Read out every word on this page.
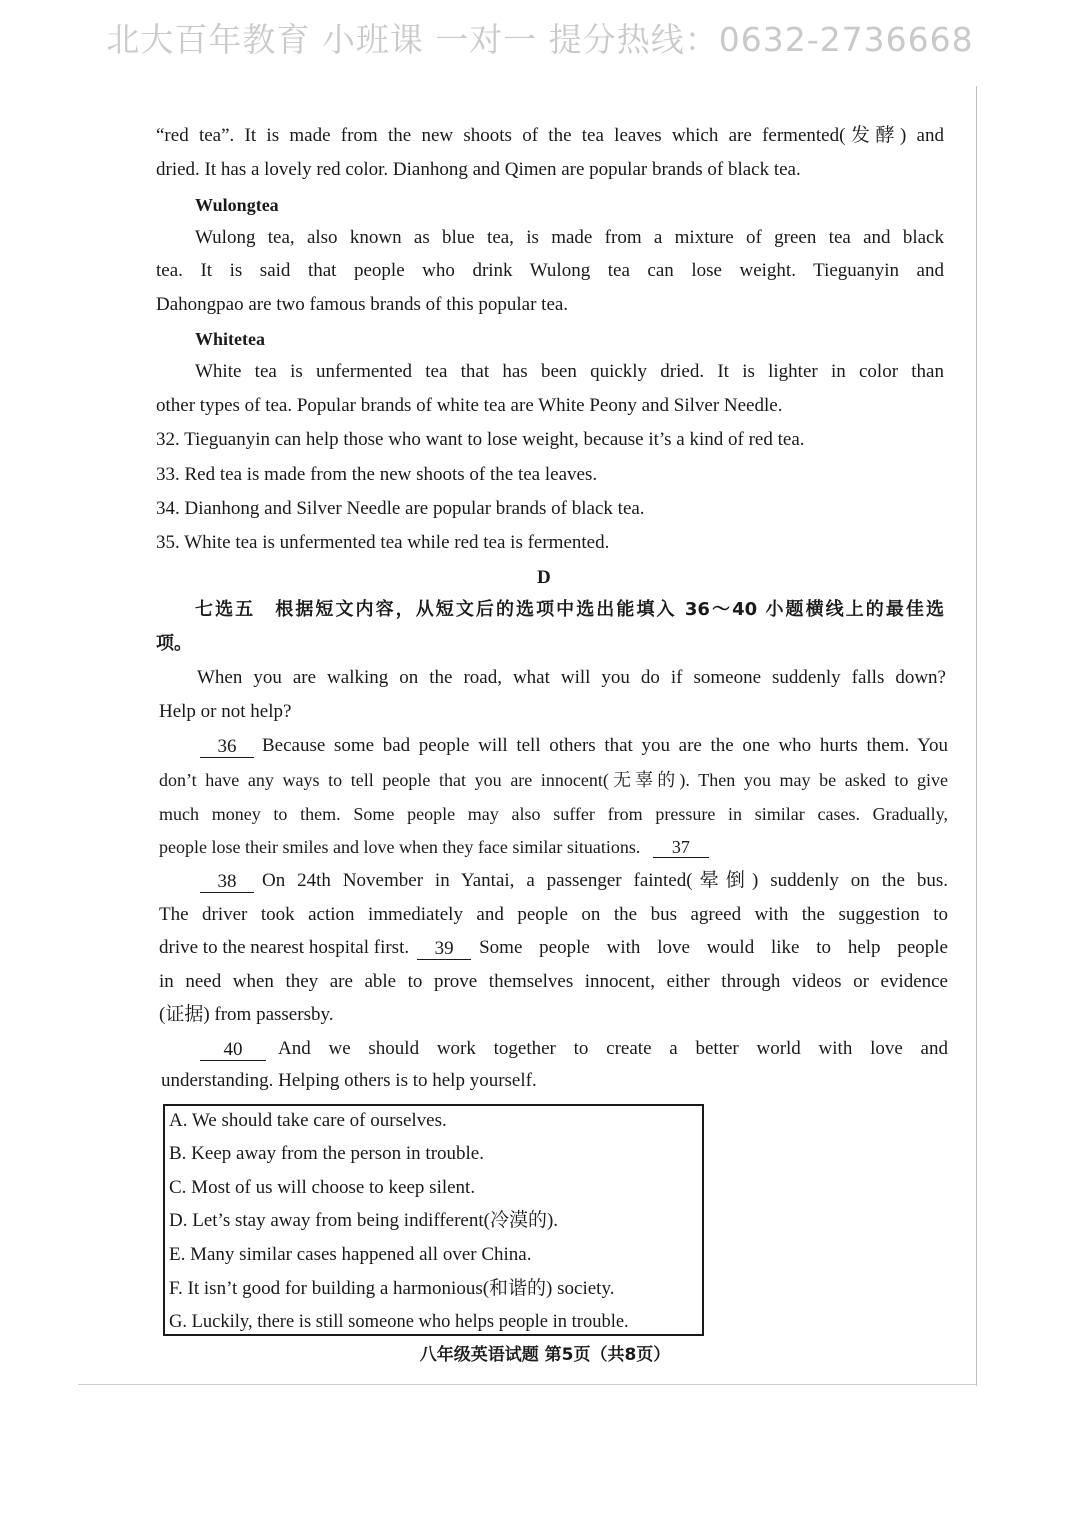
北大百年教育 小班课 一对一 提分热线：0632-2736668
“red tea”. It is made from the new shoots of the tea leaves which are fermented(发酵) and
dried. It has a lovely red color. Dianhong and Qimen are popular brands of black tea.
Wulongtea
Wulong tea, also known as blue tea, is made from a mixture of green tea and black
tea. It is said that people who drink Wulong tea can lose weight. Tieguanyin and
Dahongpao are two famous brands of this popular tea.
Whitetea
White tea is unfermented tea that has been quickly dried. It is lighter in color than
other types of tea. Popular brands of white tea are White Peony and Silver Needle.
32. Tieguanyin can help those who want to lose weight, because it’s a kind of red tea.
33. Red tea is made from the new shoots of the tea leaves.
34. Dianhong and Silver Needle are popular brands of black tea.
35. White tea is unfermented tea while red tea is fermented.
D
七选五　根据短文内容，从短文后的选项中选出能填入 36～40 小题横线上的最佳选
项。
When you are walking on the road, what will you do if someone suddenly falls down?
Help or not help?
36	Because some bad people will tell others that you are the one who hurts them. You
don’t have any ways to tell people that you are innocent(无辜的). Then you may be asked to give
much money to them. Some people may also suffer from pressure in similar cases. Gradually,
people lose their smiles and love when they face similar situations. 37
38	On 24th November in Yantai, a passenger fainted(晕倒) suddenly on the bus.
The driver took action immediately and people on the bus agreed with the suggestion to
drive to the nearest hospital first.	39	Some people with love would like to help people
in need when they are able to prove themselves innocent, either through videos or evidence
(证据) from passersby.
40	And we should work together to create a better world with love and
understanding. Helping others is to help yourself.
A. We should take care of ourselves.
B. Keep away from the person in trouble.
C. Most of us will choose to keep silent.
D. Let’s stay away from being indifferent(冷漠的).
E. Many similar cases happened all over China.
F. It isn’t good for building a harmonious(和谐的) society.
G. Luckily, there is still someone who helps people in trouble.
八年级英语试题 第5页（共8页）
